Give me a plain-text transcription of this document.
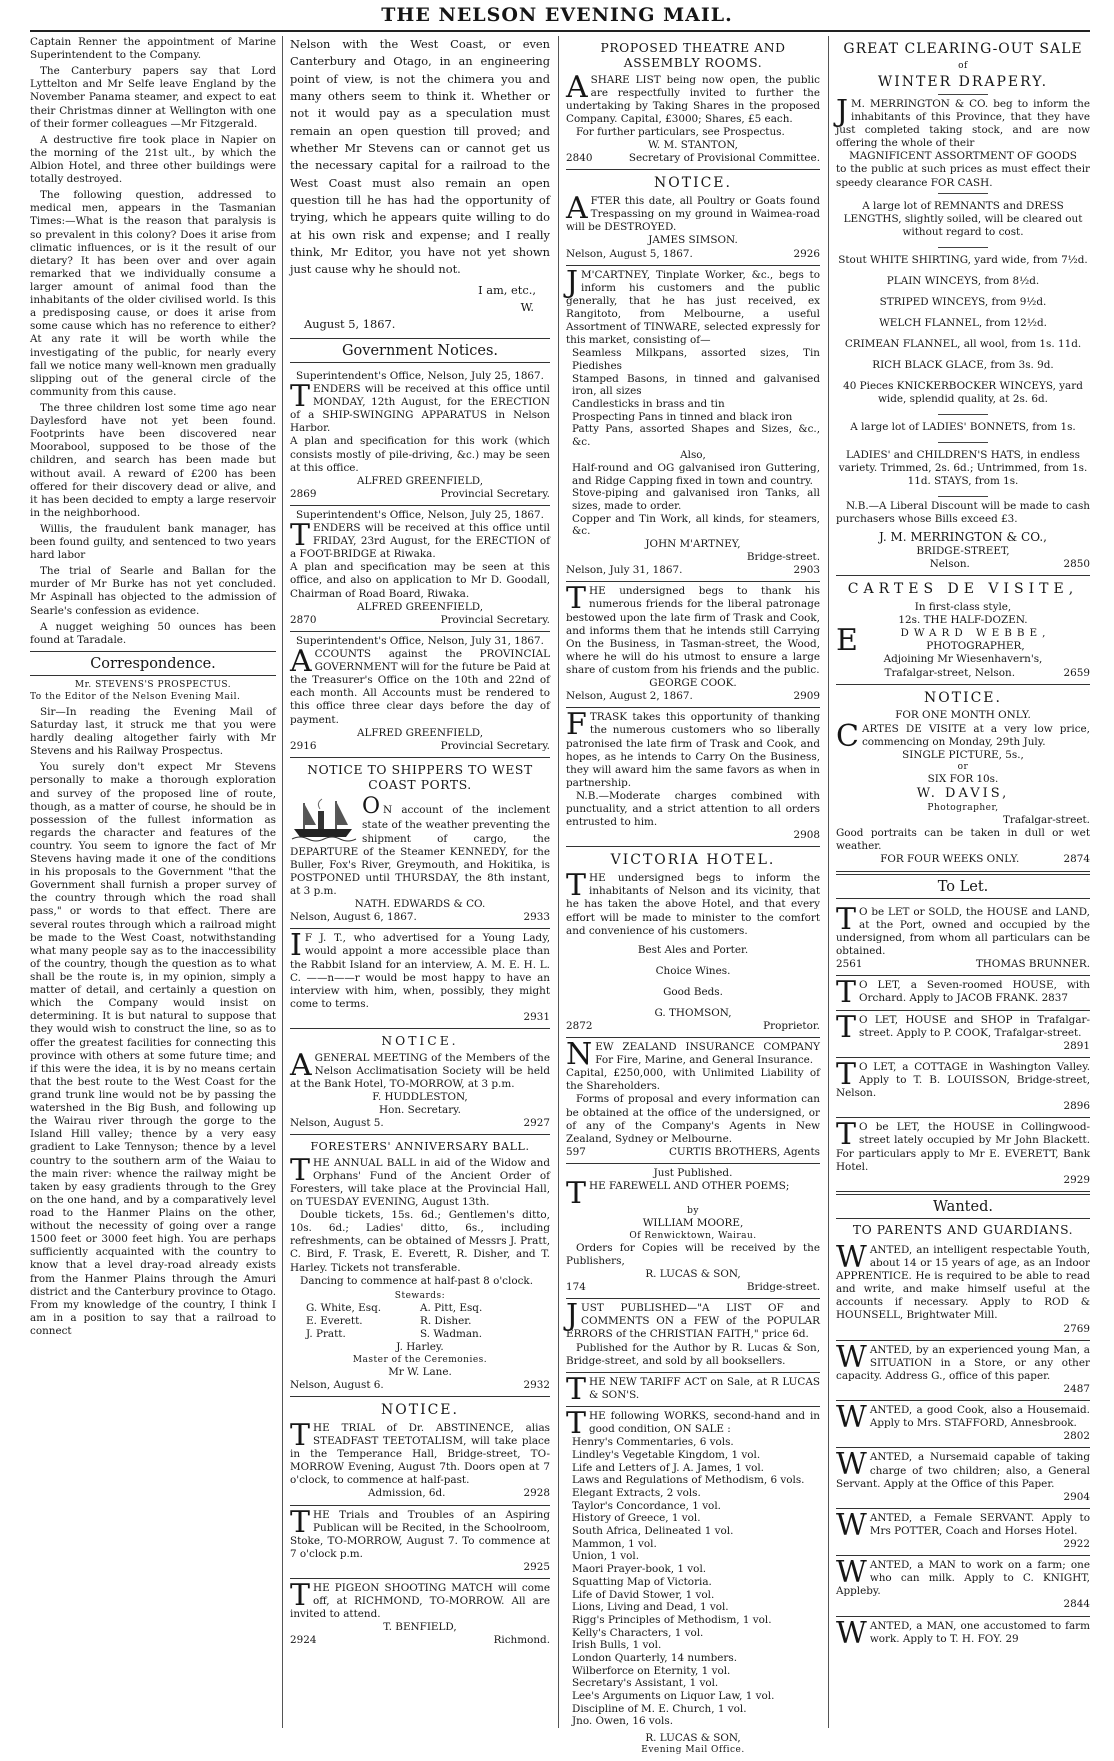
THE NELSON EVENING MAIL.

Captain Renner the appointment of Marine Superintendent to the Company.

The Canterbury papers say that Lord Lyttelton and Mr Selfe leave England by the November Panama steamer, and expect to eat their Christmas dinner at Wellington with one of their former colleagues —Mr Fitzgerald.

A destructive fire took place in Napier on the morning of the 21st ult., by which the Albion Hotel, and three other buildings were totally destroyed.

The following question, addressed to medical men, appears in the Tasmanian Times:—What is the reason that paralysis is so prevalent in this colony? Does it arise from climatic influences, or is it the result of our dietary? It has been over and over again remarked that we individually consume a larger amount of animal food than the inhabitants of the older civilised world. Is this a predisposing cause, or does it arise from some cause which has no reference to either? At any rate it will be worth while the investigating of the public, for nearly every fall we notice many well-known men gradually slipping out of the general circle of the community from this cause.

The three children lost some time ago near Daylesford have not yet been found. Footprints have been discovered near Moorabool, supposed to be those of the children, and search has been made but without avail. A reward of £200 has been offered for their discovery dead or alive, and it has been decided to empty a large reservoir in the neighborhood.

Willis, the fraudulent bank manager, has been found guilty, and sentenced to two years hard labor

The trial of Searle and Ballan for the murder of Mr Burke has not yet concluded. Mr Aspinall has objected to the admission of Searle's confession as evidence.

A nugget weighing 50 ounces has been found at Taradale.

Correspondence.
Mr. STEVENS'S PROSPECTUS.
To the Editor of the Nelson Evening Mail.

Sir—In reading the Evening Mail of Saturday last, it struck me that you were hardly dealing altogether fairly with Mr Stevens and his Railway Prospectus.

You surely don't expect Mr Stevens personally to make a thorough exploration and survey of the proposed line of route, though, as a matter of course, he should be in possession of the fullest information as regards the character and features of the country. You seem to ignore the fact of Mr Stevens having made it one of the conditions in his proposals to the Government "that the Government shall furnish a proper survey of the country through which the road shall pass," or words to that effect. There are several routes through which a railroad might be made to the West Coast, notwithstanding what many people say as to the inaccessibility of the country, though the question as to what shall be the route is, in my opinion, simply a matter of detail, and certainly a question on which the Company would insist on determining. It is but natural to suppose that they would wish to construct the line, so as to offer the greatest facilities for connecting this province with others at some future time; and if this were the idea, it is by no means certain that the best route to the West Coast for the grand trunk line would not be by passing the watershed in the Big Bush, and following up the Wairau river through the gorge to the Island Hill valley; thence by a very easy gradient to Lake Tennyson; thence by a level country to the southern arm of the Waiau to the main river: whence the railway might be taken by easy gradients through to the Grey on the one hand, and by a comparatively level road to the Hanmer Plains on the other, without the necessity of going over a range 1500 feet or 3000 feet high. You are perhaps sufficiently acquainted with the country to know that a level dray-road already exists from the Hanmer Plains through the Amuri district and the Canterbury province to Otago. From my knowledge of the country, I think I am in a position to say that a railroad to connect

Nelson with the West Coast, or even Canterbury and Otago, in an engineering point of view, is not the chimera you and many others seem to think it. Whether or not it would pay as a speculation must remain an open question till proved; and whether Mr Stevens can or cannot get us the necessary capital for a railroad to the West Coast must also remain an open question till he has had the opportunity of trying, which he appears quite willing to do at his own risk and expense; and I really think, Mr Editor, you have not yet shown just cause why he should not.

I am, etc.,
W.
August 5, 1867.
Government Notices.
Superintendent's Office, Nelson, July 25, 1867.
TENDERS will be received at this office until MONDAY, 12th August, for the ERECTION of a SHIP-SWINGING APPARATUS in Nelson Harbor.
A plan and specification for this work (which consists mostly of pile-driving, &c.) may be seen at this office.
ALFRED GREENFIELD,
2869	Provincial Secretary.
Superintendent's Office, Nelson, July 25, 1867.
TENDERS will be received at this office until FRIDAY, 23rd August, for the ERECTION of a FOOT-BRIDGE at Riwaka.
A plan and specification may be seen at this office, and also on application to Mr D. Goodall, Chairman of Road Board, Riwaka.
ALFRED GREENFIELD,
2870	Provincial Secretary.
Superintendent's Office, Nelson, July 31, 1867.
ACCOUNTS against the PROVINCIAL GOVERNMENT will for the future be Paid at the Treasurer's Office on the 10th and 22nd of each month. All Accounts must be rendered to this office three clear days before the day of payment.
ALFRED GREENFIELD,
2916	Provincial Secretary.
NOTICE TO SHIPPERS TO WEST COAST PORTS.
O N account of the inclement state of the weather preventing the shipment of cargo, the DEPARTURE of the Steamer KENNEDY, for the Buller, Fox's River, Greymouth, and Hokitika, is POSTPONED until THURSDAY, the 8th instant, at 3 p.m.
NATH. EDWARDS & CO.
Nelson, August 6, 1867.	2933
I F J. T., who advertised for a Young Lady, would appoint a more accessible place than the Rabbit Island for an interview, A. M. E. H. L. C. ——n——r would be most happy to have an interview with him, when, possibly, they might come to terms.
2931
NOTICE.
AGENERAL MEETING of the Members of the Nelson Acclimatisation Society will be held at the Bank Hotel, TO-MORROW, at 3 p.m.
F. HUDDLESTON,
Hon. Secretary.
Nelson, August 5.	2927
FORESTERS' ANNIVERSARY BALL.
THE ANNUAL BALL in aid of the Widow and Orphans' Fund of the Ancient Order of Foresters, will take place at the Provincial Hall, on TUESDAY EVENING, August 13th.
Double tickets, 15s. 6d.; Gentlemen's ditto, 10s. 6d.; Ladies' ditto, 6s., including refreshments, can be obtained of Messrs J. Pratt, C. Bird, F. Trask, E. Everett, R. Disher, and T. Harley. Tickets not transferable.
Dancing to commence at half-past 8 o'clock.
Stewards:
G. White, Esq.	A. Pitt, Esq.
E. Everett.	R. Disher.
J. Pratt.	S. Wadman.
J. Harley.
Master of the Ceremonies.
Mr W. Lane.
Nelson, August 6.	2932
NOTICE.
THE TRIAL of Dr. ABSTINENCE, alias STEADFAST TEETOTALISM, will take place in the Temperance Hall, Bridge-street, TO-MORROW Evening, August 7th. Doors open at 7 o'clock, to commence at half-past.
Admission, 6d.	2928
THE Trials and Troubles of an Aspiring Publican will be Recited, in the Schoolroom, Stoke, TO-MORROW, August 7. To commence at 7 o'clock p.m.
2925
THE PIGEON SHOOTING MATCH will come off, at RICHMOND, TO-MORROW. All are invited to attend.
T. BENFIELD,
2924	Richmond.
PROPOSED THEATRE AND ASSEMBLY ROOMS.
ASHARE LIST being now open, the public are respectfully invited to further the undertaking by Taking Shares in the proposed Company. Capital, £3000; Shares, £5 each.
For further particulars, see Prospectus.
W. M. STANTON,
2840	Secretary of Provisional Committee.
NOTICE.
AFTER this date, all Poultry or Goats found Trespassing on my ground in Waimea-road will be DESTROYED.
JAMES SIMSON.
Nelson, August 5, 1867.	2926
J M'CARTNEY, Tinplate Worker, &c., begs to inform his customers and the public generally, that he has just received, ex Rangitoto, from Melbourne, a useful Assortment of TINWARE, selected expressly for this market, consisting of—
Seamless Milkpans, assorted sizes, Tin Piedishes
Stamped Basons, in tinned and galvanised iron, all sizes
Candlesticks in brass and tin
Prospecting Pans in tinned and black iron
Patty Pans, assorted Shapes and Sizes, &c., &c.
Also,
Half-round and OG galvanised iron Guttering, and Ridge Capping fixed in town and country.
Stove-piping and galvanised iron Tanks, all sizes, made to order.
Copper and Tin Work, all kinds, for steamers, &c.
JOHN M'ARTNEY,
Bridge-street.
Nelson, July 31, 1867.	2903
THE undersigned begs to thank his numerous friends for the liberal patronage bestowed upon the late firm of Trask and Cook, and informs them that he intends still Carrying On the Business, in Tasman-street, the Wood, where he will do his utmost to ensure a large share of custom from his friends and the public.
GEORGE COOK.
Nelson, August 2, 1867.	2909
FTRASK takes this opportunity of thanking the numerous customers who so liberally patronised the late firm of Trask and Cook, and hopes, as he intends to Carry On the Business, they will award him the same favors as when in partnership.
N.B.—Moderate charges combined with punctuality, and a strict attention to all orders entrusted to him.
2908
VICTORIA HOTEL.
THE undersigned begs to inform the inhabitants of Nelson and its vicinity, that he has taken the above Hotel, and that every effort will be made to minister to the comfort and convenience of his customers.
Best Ales and Porter.
Choice Wines.
Good Beds.
G. THOMSON,
2872	Proprietor.
NEW ZEALAND INSURANCE COMPANY For Fire, Marine, and General Insurance.
Capital, £250,000, with Unlimited Liability of the Shareholders.
Forms of proposal and every information can be obtained at the office of the undersigned, or of any of the Company's Agents in New Zealand, Sydney or Melbourne.
597	CURTIS BROTHERS, Agents
Just Published.
THE FAREWELL AND OTHER POEMS;
by
WILLIAM MOORE,
Of Renwicktown, Wairau.
Orders for Copies will be received by the Publishers,
R. LUCAS & SON,
174	Bridge-street.
JUST PUBLISHED—"A LIST OF and COMMENTS ON a FEW of the POPULAR ERRORS of the CHRISTIAN FAITH," price 6d.
Published for the Author by R. Lucas & Son, Bridge-street, and sold by all booksellers.
THE NEW TARIFF ACT on Sale, at R LUCAS & SON'S.
THE following WORKS, second-hand and in good condition, ON SALE :
Henry's Commentaries, 6 vols.
Lindley's Vegetable Kingdom, 1 vol.
Life and Letters of J. A. James, 1 vol.
Laws and Regulations of Methodism, 6 vols.
Elegant Extracts, 2 vols.
Taylor's Concordance, 1 vol.
History of Greece, 1 vol.
South Africa, Delineated 1 vol.
Mammon, 1 vol.
Union, 1 vol.
Maori Prayer-book, 1 vol.
Squatting Map of Victoria.
Life of David Stower, 1 vol.
Lions, Living and Dead, 1 vol.
Rigg's Principles of Methodism, 1 vol.
Kelly's Characters, 1 vol.
Irish Bulls, 1 vol.
London Quarterly, 14 numbers.
Wilberforce on Eternity, 1 vol.
Secretary's Assistant, 1 vol.
Lee's Arguments on Liquor Law, 1 vol.
Discipline of M. E. Church, 1 vol.
Jno. Owen, 16 vols.
R. LUCAS & SON,
Evening Mail Office.
GREAT CLEARING-OUT SALE
of
WINTER DRAPERY.
J M. MERRINGTON & CO. beg to inform the inhabitants of this Province, that they have just completed taking stock, and are now offering the whole of their
MAGNIFICENT ASSORTMENT OF GOODS
to the public at such prices as must effect their speedy clearance FOR CASH.
A large lot of REMNANTS and DRESS LENGTHS, slightly soiled, will be cleared out without regard to cost.
Stout WHITE SHIRTING, yard wide, from 7½d.
PLAIN WINCEYS, from 8½d.
STRIPED WINCEYS, from 9½d.
WELCH FLANNEL, from 12½d.
CRIMEAN FLANNEL, all wool, from 1s. 11d.
RICH BLACK GLACE, from 3s. 9d.
40 Pieces KNICKERBOCKER WINCEYS, yard wide, splendid quality, at 2s. 6d.
A large lot of LADIES' BONNETS, from 1s.
LADIES' and CHILDREN'S HATS, in endless variety. Trimmed, 2s. 6d.; Untrimmed, from 1s. 11d. STAYS, from 1s.
N.B.—A Liberal Discount will be made to cash purchasers whose Bills exceed £3.
J. M. MERRINGTON & CO.,
BRIDGE-STREET,
Nelson.	2850
CARTES DE VISITE,
In first-class style,
12s. THE HALF-DOZEN.
E	DWARD WEBBE,
PHOTOGRAPHER,
Adjoining Mr Wiesenhavern's,
Trafalgar-street, Nelson.	2659
NOTICE.
FOR ONE MONTH ONLY.
CARTES DE VISITE at a very low price, commencing on Monday, 29th July.
SINGLE PICTURE, 5s.,
or
SIX FOR 10s.
W. DAVIS,
Photographer,
Trafalgar-street.
Good portraits can be taken in dull or wet weather.
FOR FOUR WEEKS ONLY.	2874
To Let.
T O be LET or SOLD, the HOUSE and LAND, at the Port, owned and occupied by the undersigned, from whom all particulars can be obtained.
2561	THOMAS BRUNNER.
T O LET, a Seven-roomed HOUSE, with Orchard. Apply to JACOB FRANK. 2837
T O LET, HOUSE and SHOP in Trafalgar-street. Apply to P. COOK, Trafalgar-street.
2891
T O LET, a COTTAGE in Washington Valley. Apply to T. B. LOUISSON, Bridge-street, Nelson.
2896
T O be LET, the HOUSE in Collingwood-street lately occupied by Mr John Blackett. For particulars apply to Mr E. EVERETT, Bank Hotel.
2929
Wanted.
TO PARENTS AND GUARDIANS.
WANTED, an intelligent respectable Youth, about 14 or 15 years of age, as an Indoor APPRENTICE. He is required to be able to read and write, and make himself useful at the accounts if necessary. Apply to ROD & HOUNSELL, Brightwater Mill.
2769
WANTED, by an experienced young Man, a SITUATION in a Store, or any other capacity. Address G., office of this paper.
2487
WANTED, a good Cook, also a Housemaid. Apply to Mrs. STAFFORD, Annesbrook.
2802
WANTED, a Nursemaid capable of taking charge of two children; also, a General Servant. Apply at the Office of this Paper.
2904
WANTED, a Female SERVANT. Apply to Mrs POTTER, Coach and Horses Hotel.
2922
WANTED, a MAN to work on a farm; one who can milk. Apply to C. KNIGHT, Appleby.
2844
WANTED, a MAN, one accustomed to farm work. Apply to T. H. FOY. 29
